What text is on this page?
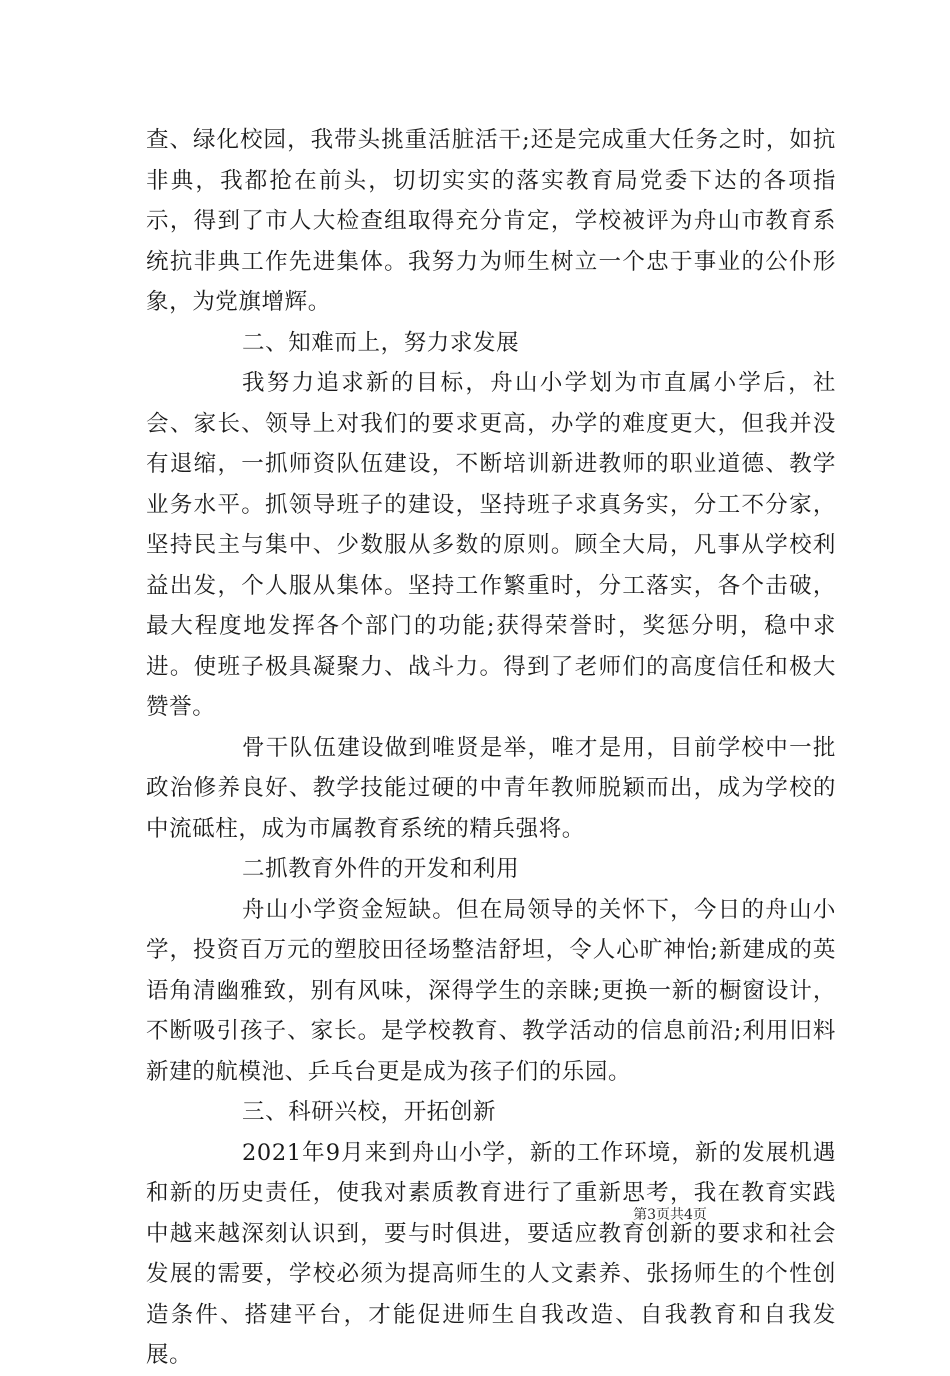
查、绿化校园，我带头挑重活脏活干;还是完成重大任务之时，如抗非典，我都抢在前头，切切实实的落实教育局党委下达的各项指示，得到了市人大检查组取得充分肯定，学校被评为舟山市教育系统抗非典工作先进集体。我努力为师生树立一个忠于事业的公仆形象，为党旗增辉。

二、知难而上，努力求发展

我努力追求新的目标，舟山小学划为市直属小学后，社会、家长、领导上对我们的要求更高，办学的难度更大，但我并没有退缩，一抓师资队伍建设，不断培训新进教师的职业道德、教学业务水平。抓领导班子的建设，坚持班子求真务实，分工不分家，坚持民主与集中、少数服从多数的原则。顾全大局，凡事从学校利益出发，个人服从集体。坚持工作繁重时，分工落实，各个击破，最大程度地发挥各个部门的功能;获得荣誉时，奖惩分明，稳中求进。使班子极具凝聚力、战斗力。得到了老师们的高度信任和极大赞誉。

骨干队伍建设做到唯贤是举，唯才是用，目前学校中一批政治修养良好、教学技能过硬的中青年教师脱颖而出，成为学校的中流砥柱，成为市属教育系统的精兵强将。

二抓教育外件的开发和利用

舟山小学资金短缺。但在局领导的关怀下，今日的舟山小学，投资百万元的塑胶田径场整洁舒坦，令人心旷神怡;新建成的英语角清幽雅致，别有风味，深得学生的亲睐;更换一新的橱窗设计，不断吸引孩子、家长。是学校教育、教学活动的信息前沿;利用旧料新建的航模池、乒乓台更是成为孩子们的乐园。

三、科研兴校，开拓创新

2021年9月来到舟山小学，新的工作环境，新的发展机遇和新的历史责任，使我对素质教育进行了重新思考，我在教育实践中越来越深刻认识到，要与时俱进，要适应教育创新的要求和社会发展的需要，学校必须为提高师生的人文素养、张扬师生的个性创造条件、搭建平台，才能促进师生自我改造、自我教育和自我发展。

第3页共4页
